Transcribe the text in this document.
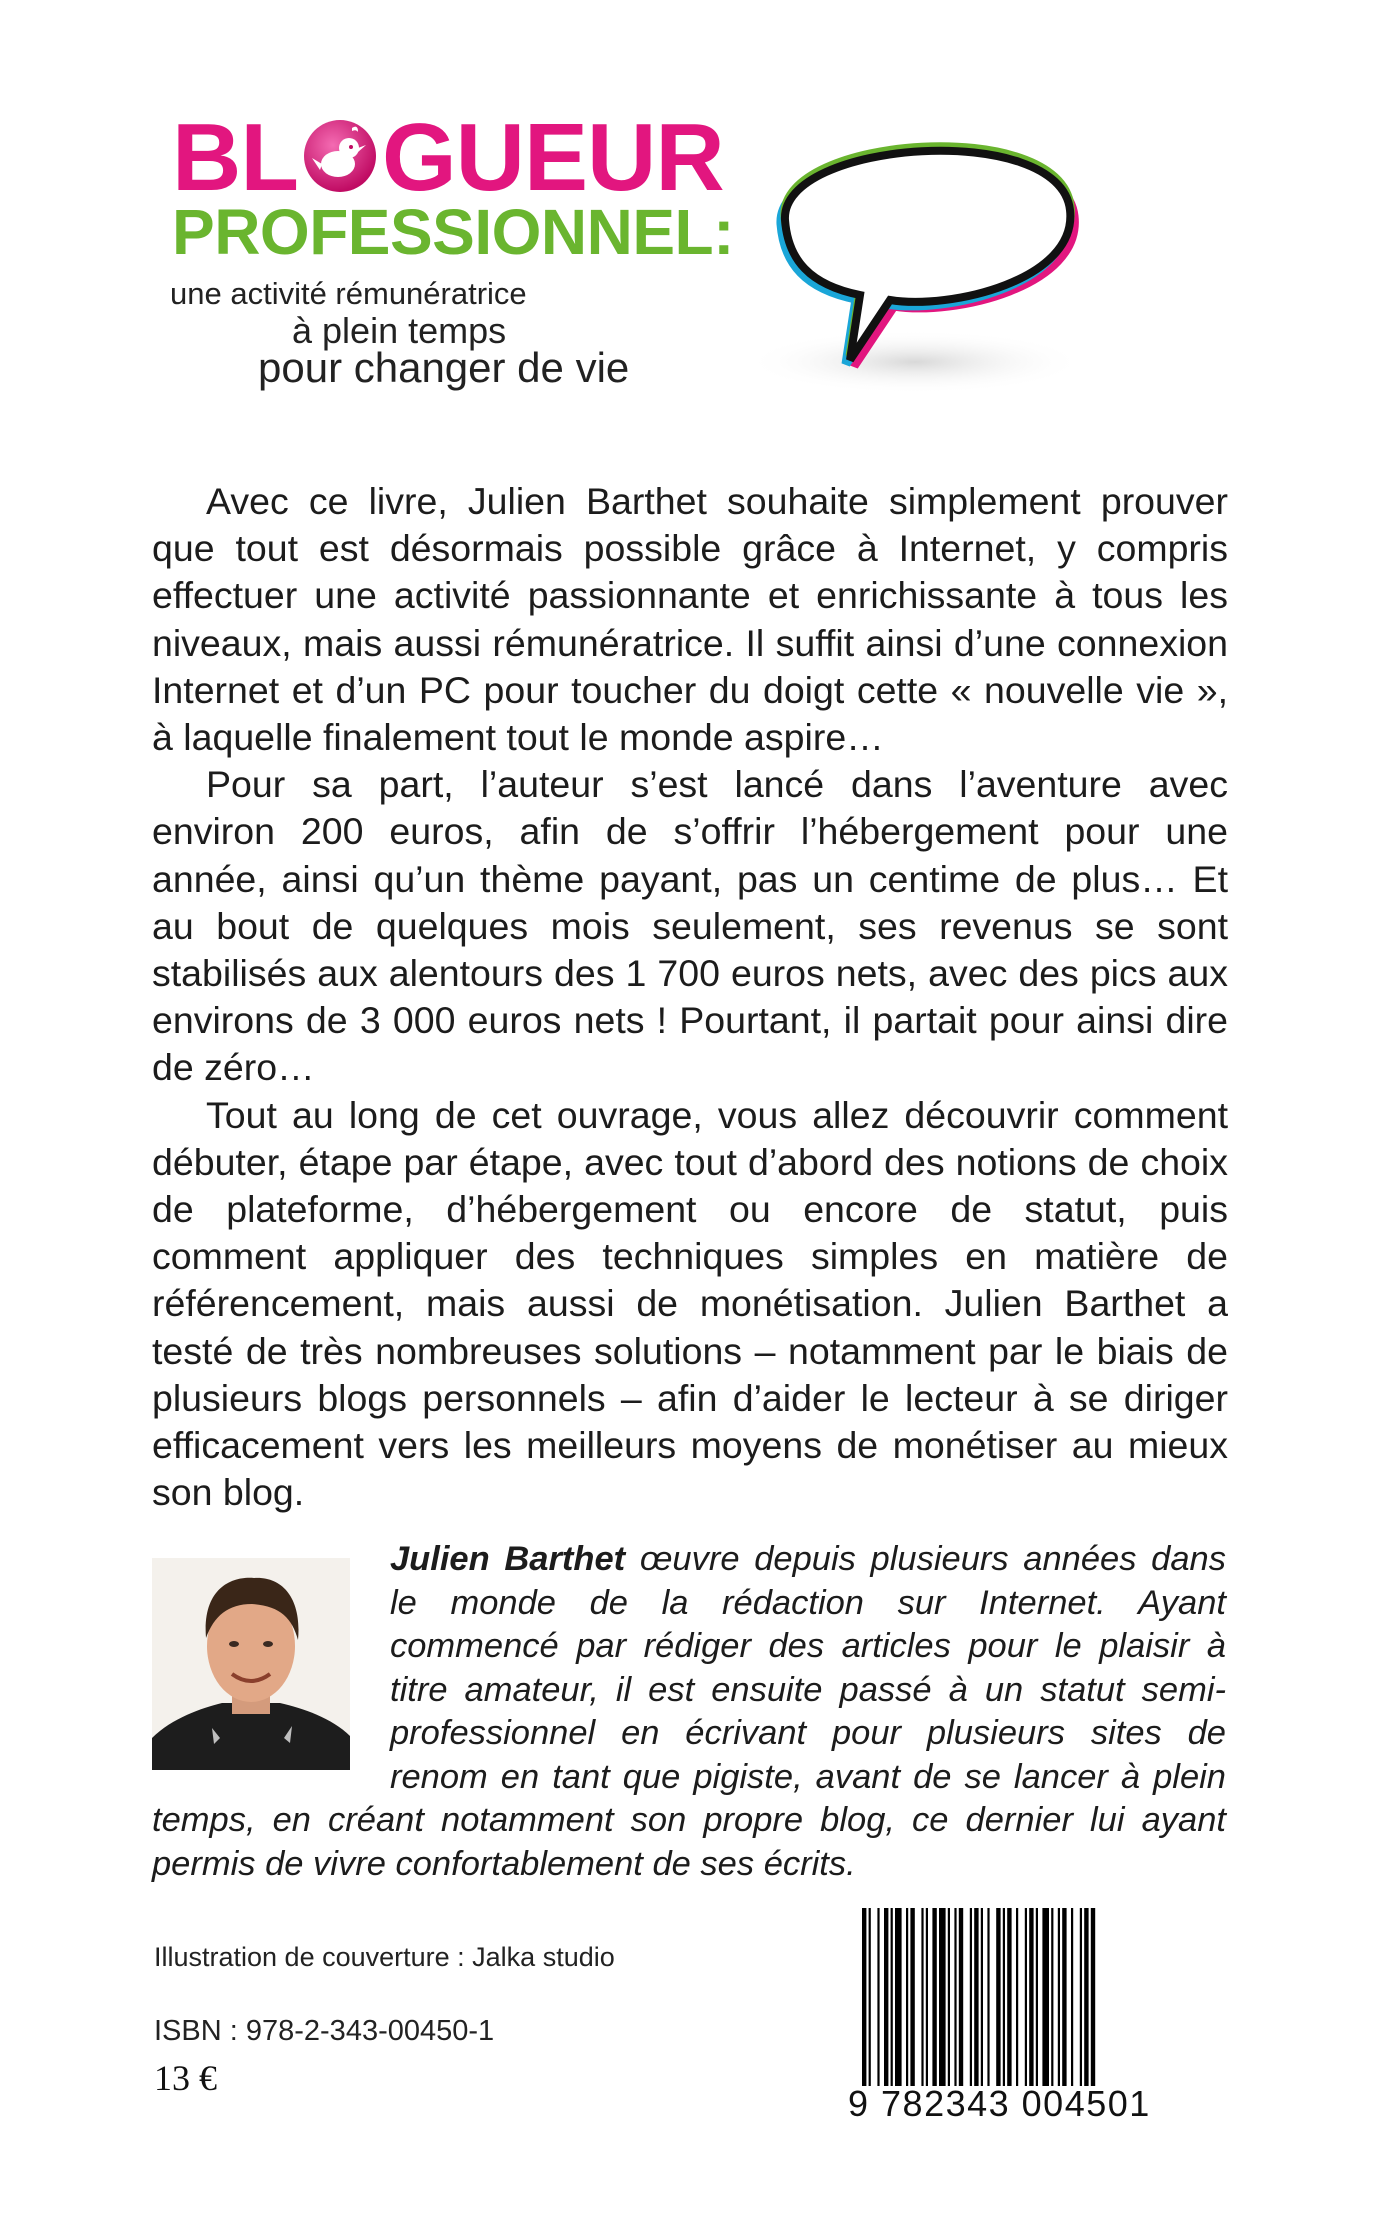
BL GUEUR
PROFESSIONNEL:
une activité rémunératrice
à plein temps
pour changer de vie

Avec ce livre, Julien Barthet souhaite simplement prouver que tout est désormais possible grâce à Internet, y compris effectuer une activité passionnante et enrichissante à tous les niveaux, mais aussi rémunératrice. Il suffit ainsi d’une connexion Internet et d’un PC pour toucher du doigt cette « nouvelle vie », à laquelle finalement tout le monde aspire…

Pour sa part, l’auteur s’est lancé dans l’aventure avec environ 200 euros, afin de s’offrir l’hébergement pour une année, ainsi qu’un thème payant, pas un centime de plus… Et au bout de quelques mois seulement, ses revenus se sont stabilisés aux alentours des 1 700 euros nets, avec des pics aux environs de 3 000 euros nets ! Pourtant, il partait pour ainsi dire de zéro…

Tout au long de cet ouvrage, vous allez découvrir comment débuter, étape par étape, avec tout d’abord des notions de choix de plateforme, d’hébergement ou encore de statut, puis comment appliquer des techniques simples en matière de référencement, mais aussi de monétisation. Julien Barthet a testé de très nombreuses solutions – notamment par le biais de plusieurs blogs personnels – afin d’aider le lecteur à se diriger efficacement vers les meilleurs moyens de monétiser au mieux son blog.

Julien Barthet œuvre depuis plusieurs années dans le monde de la rédaction sur Internet. Ayant commencé par rédiger des articles pour le plaisir à titre amateur, il est ensuite passé à un statut semi-professionnel en écrivant pour plusieurs sites de renom en tant que pigiste, avant de se lancer à plein temps, en créant notamment son propre blog, ce dernier lui ayant permis de vivre confortablement de ses écrits.
Illustration de couverture : Jalka studio
ISBN : 978-2-343-00450-1
13 €
9 782343 004501
